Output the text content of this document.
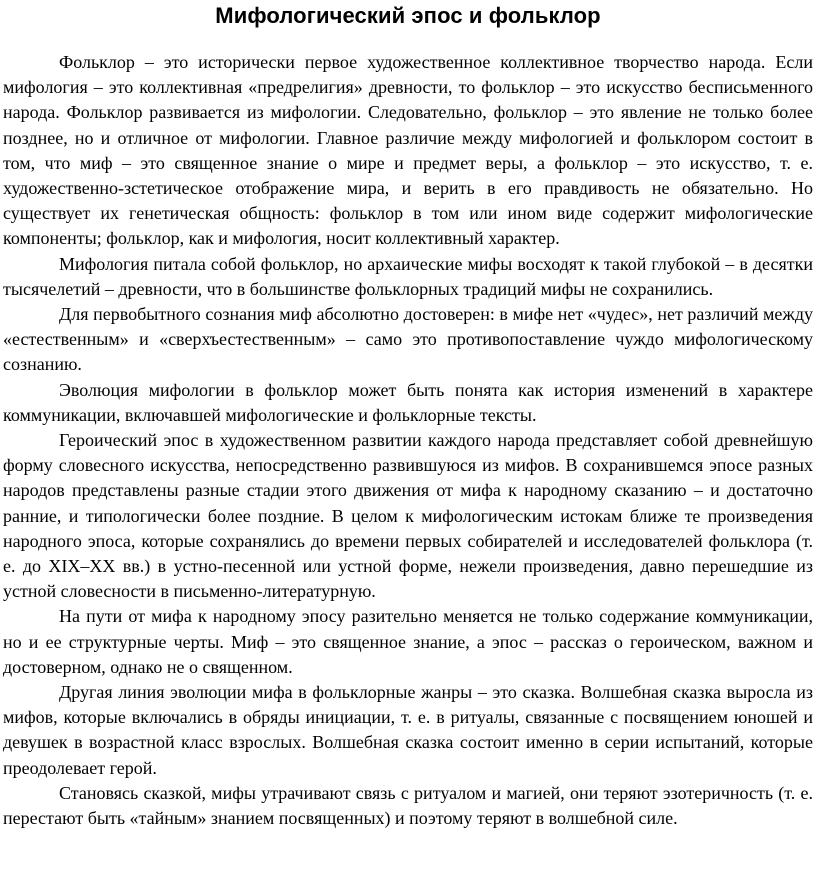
Мифологический эпос и фольклор

Фольклор – это исторически первое художественное коллективное творчество народа. Если мифология – это коллективная «предрелигия» древности, то фольклор – это искусство бесписьменного народа. Фольклор развивается из мифологии. Следовательно, фольклор – это явление не только более позднее, но и отличное от мифологии. Главное различие между мифологией и фольклором состоит в том, что миф – это священное знание о мире и предмет веры, а фольклор – это искусство, т. е. художественно-зстетическое отображение мира, и верить в его правдивость не обязательно. Но существует их генетическая общность: фольклор в том или ином виде содержит мифологические компоненты; фольклор, как и мифология, носит коллективный характер.

Мифология питала собой фольклор, но архаические мифы восходят к такой глубокой – в десятки тысячелетий – древности, что в большинстве фольклорных традиций мифы не сохранились.

Для первобытного сознания миф абсолютно достоверен: в мифе нет «чудес», нет различий между «естественным» и «сверхъестественным» – само это противопоставление чуждо мифологическому сознанию.

Эволюция мифологии в фольклор может быть понята как история изменений в характере коммуникации, включавшей мифологические и фольклорные тексты.

Героический эпос в художественном развитии каждого народа представляет собой древнейшую форму словесного искусства, непосредственно развившуюся из мифов. В сохранившемся эпосе разных народов представлены разные стадии этого движения от мифа к народному сказанию – и достаточно ранние, и типологически более поздние. В целом к мифологическим истокам ближе те произведения народного эпоса, которые сохранялись до времени первых собирателей и исследователей фольклора (т. е. до XIX–XX вв.) в устно-песенной или устной форме, нежели произведения, давно перешедшие из устной словесности в письменно-литературную.

На пути от мифа к народному эпосу разительно меняется не только содержание коммуникации, но и ее структурные черты. Миф – это священное знание, а эпос – рассказ о героическом, важном и достоверном, однако не о священном.

Другая линия эволюции мифа в фольклорные жанры – это сказка. Волшебная сказка выросла из мифов, которые включались в обряды инициации, т. е. в ритуалы, связанные с посвящением юношей и девушек в возрастной класс взрослых. Волшебная сказка состоит именно в серии испытаний, которые преодолевает герой.

Становясь сказкой, мифы утрачивают связь с ритуалом и магией, они теряют эзотеричность (т. е. перестают быть «тайным» знанием посвященных) и поэтому теряют в волшебной силе.
